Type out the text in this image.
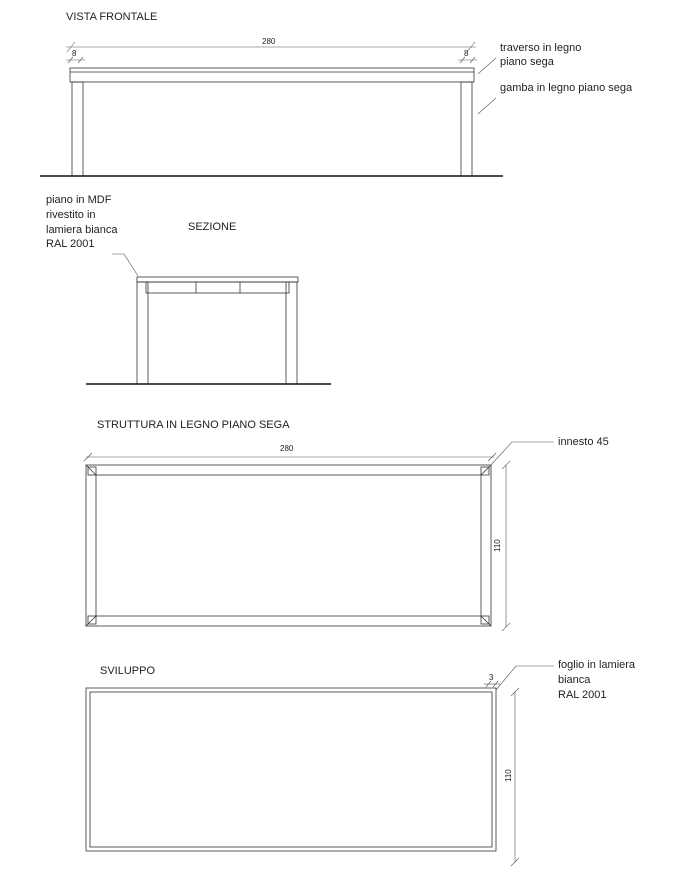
VISTA FRONTALE
280
8	8	traverso in legno
piano sega
gamba in legno piano sega
piano in MDF
rivestito in
lamiera bianca
RAL 2001
SEZIONE
STRUTTURA IN LEGNO PIANO SEGA
280
110
innesto 45
SVILUPPO
3
110
foglio in lamiera
bianca
RAL 2001
